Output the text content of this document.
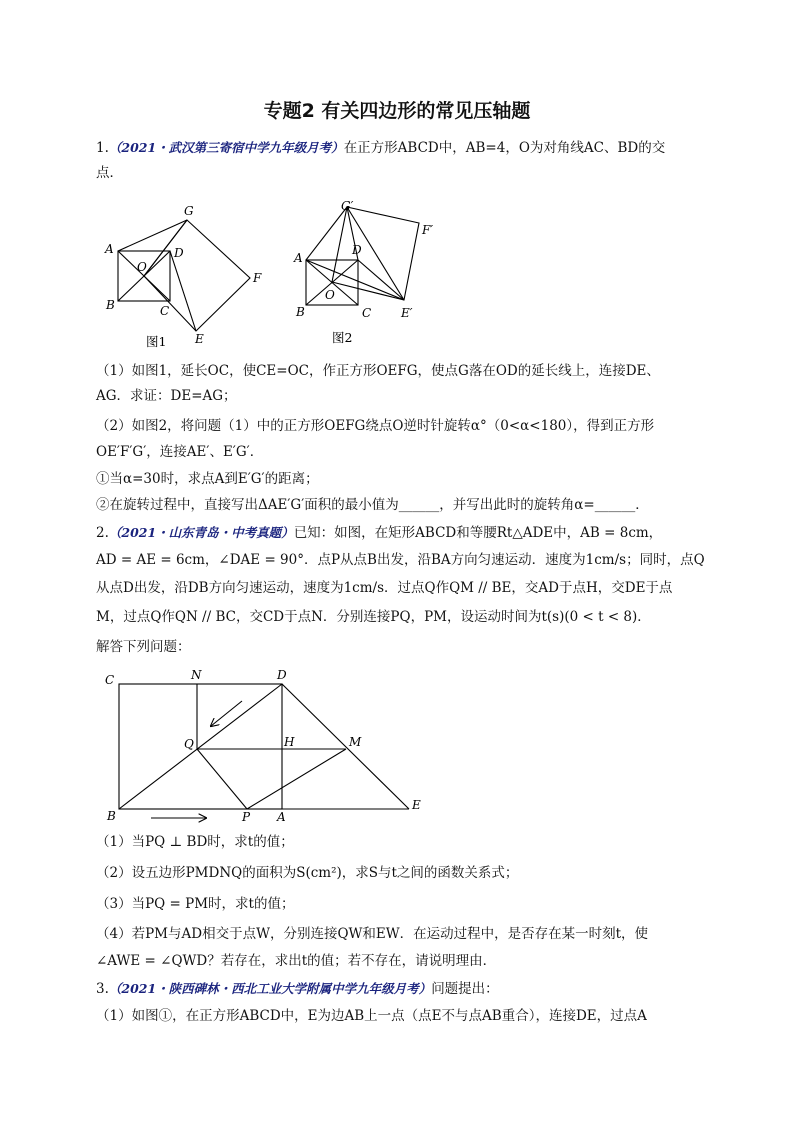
专题2 有关四边形的常见压轴题
1.（2021・武汉第三寄宿中学九年级月考）在正方形ABCD中，AB=4，O为对角线AC、BD的交
点．
A
B	C
D
O
G
F
E
图1
A
B	C
D
O
G′
F′
E′
图2
（1）如图1，延长OC，使CE=OC，作正方形OEFG，使点G落在OD的延长线上，连接DE、
AG．求证：DE=AG；
（2）如图2，将问题（1）中的正方形OEFG绕点O逆时针旋转α°（0<α<180），得到正方形
OE′F′G′，连接AE′、E′G′．
①当α=30时，求点A到E′G′的距离；
②在旋转过程中，直接写出ΔAE′G′面积的最小值为______，并写出此时的旋转角α=______．
2.（2021・山东青岛・中考真题）已知：如图，在矩形ABCD和等腰Rt△ADE中，AB = 8cm，
AD = AE = 6cm，∠DAE = 90°．点P从点B出发，沿BA方向匀速运动．速度为1cm/s；同时，点Q
从点D出发，沿DB方向匀速运动，速度为1cm/s．过点Q作QM // BE，交AD于点H，交DE于点
M，过点Q作QN // BC，交CD于点N．分别连接PQ，PM，设运动时间为t(s)(0 < t < 8)．
解答下列问题：
C	N	D
Q	H	M
B	P A
E
（1）当PQ ⊥ BD时，求t的值；
（2）设五边形PMDNQ的面积为S(cm²)，求S与t之间的函数关系式；
（3）当PQ = PM时，求t的值；
（4）若PM与AD相交于点W，分别连接QW和EW．在运动过程中，是否存在某一时刻t，使
∠AWE = ∠QWD？若存在，求出t的值；若不存在，请说明理由．
3.（2021・陕西碑林・西北工业大学附属中学九年级月考）问题提出：
（1）如图①，在正方形ABCD中，E为边AB上一点（点E不与点AB重合），连接DE，过点A
